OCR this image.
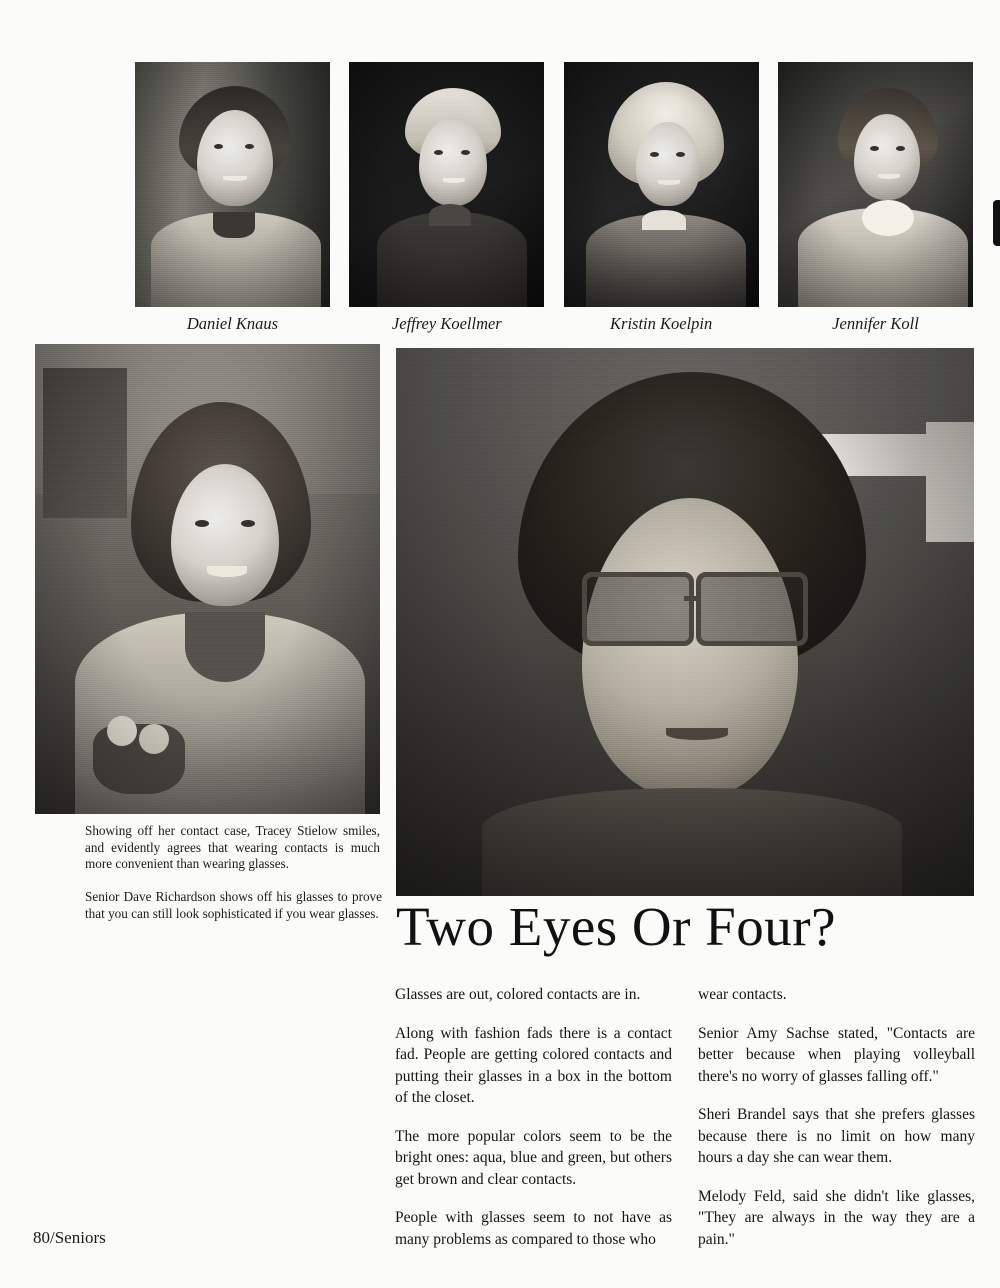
Daniel Knaus	Jeffrey Koellmer	Kristin Koelpin	Jennifer Koll
Showing off her contact case, Tracey Stielow smiles, and evidently agrees that wearing contacts is much more convenient than wearing glasses.
Senior Dave Richardson shows off his glasses to prove that you can still look sophisticated if you wear glasses. Two Eyes Or Four?

Glasses are out, colored contacts are in.

Along with fashion fads there is a contact fad. People are getting colored contacts and putting their glasses in a box in the bottom of the closet.

The more popular colors seem to be the bright ones: aqua, blue and green, but others get brown and clear contacts.

People with glasses seem to not have as many problems as compared to those who

wear contacts.

Senior Amy Sachse stated, "Contacts are better because when playing volleyball there's no worry of glasses falling off."

Sheri Brandel says that she prefers glasses because there is no limit on how many hours a day she can wear them.

Melody Feld, said she didn't like glasses, "They are always in the way they are a pain."

80/Seniors
